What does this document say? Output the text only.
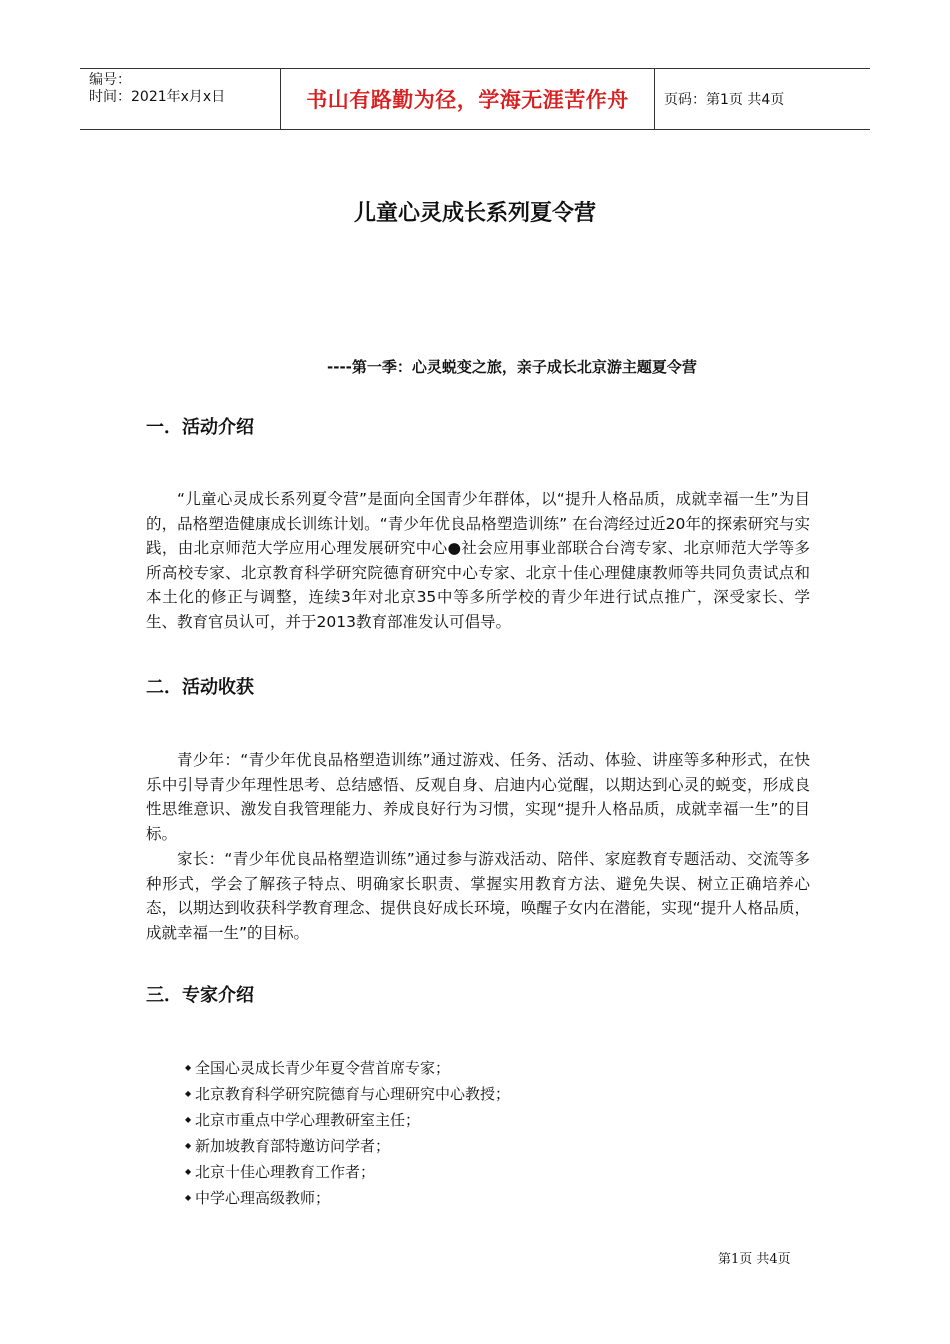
编号：
时间：2021年x月x日	书山有路勤为径，学海无涯苦作舟	页码：第1页 共4页
儿童心灵成长系列夏令营
----第一季：心灵蜕变之旅，亲子成长北京游主题夏令营
一．活动介绍

“儿童心灵成长系列夏令营”是面向全国青少年群体，以“提升人格品质，成就幸福一生”为目的，品格塑造健康成长训练计划。“青少年优良品格塑造训练” 在台湾经过近20年的探索研究与实践，由北京师范大学应用心理发展研究中心●社会应用事业部联合台湾专家、北京师范大学等多所高校专家、北京教育科学研究院德育研究中心专家、北京十佳心理健康教师等共同负责试点和本土化的修正与调整，连续3年对北京35中等多所学校的青少年进行试点推广，深受家长、学生、教育官员认可，并于2013教育部准发认可倡导。

二．活动收获

青少年：“青少年优良品格塑造训练”通过游戏、任务、活动、体验、讲座等多种形式，在快乐中引导青少年理性思考、总结感悟、反观自身、启迪内心觉醒，以期达到心灵的蜕变，形成良性思维意识、激发自我管理能力、养成良好行为习惯，实现“提升人格品质，成就幸福一生”的目标。

家长：“青少年优良品格塑造训练”通过参与游戏活动、陪伴、家庭教育专题活动、交流等多种形式，学会了解孩子特点、明确家长职责、掌握实用教育方法、避免失误、树立正确培养心态，以期达到收获科学教育理念、提供良好成长环境，唤醒子女内在潜能，实现“提升人格品质，成就幸福一生”的目标。

三．专家介绍
◆ 全国心灵成长青少年夏令营首席专家；
◆ 北京教育科学研究院德育与心理研究中心教授；
◆ 北京市重点中学心理教研室主任；
◆ 新加坡教育部特邀访问学者；
◆ 北京十佳心理教育工作者；
◆ 中学心理高级教师；
第1页 共4页
